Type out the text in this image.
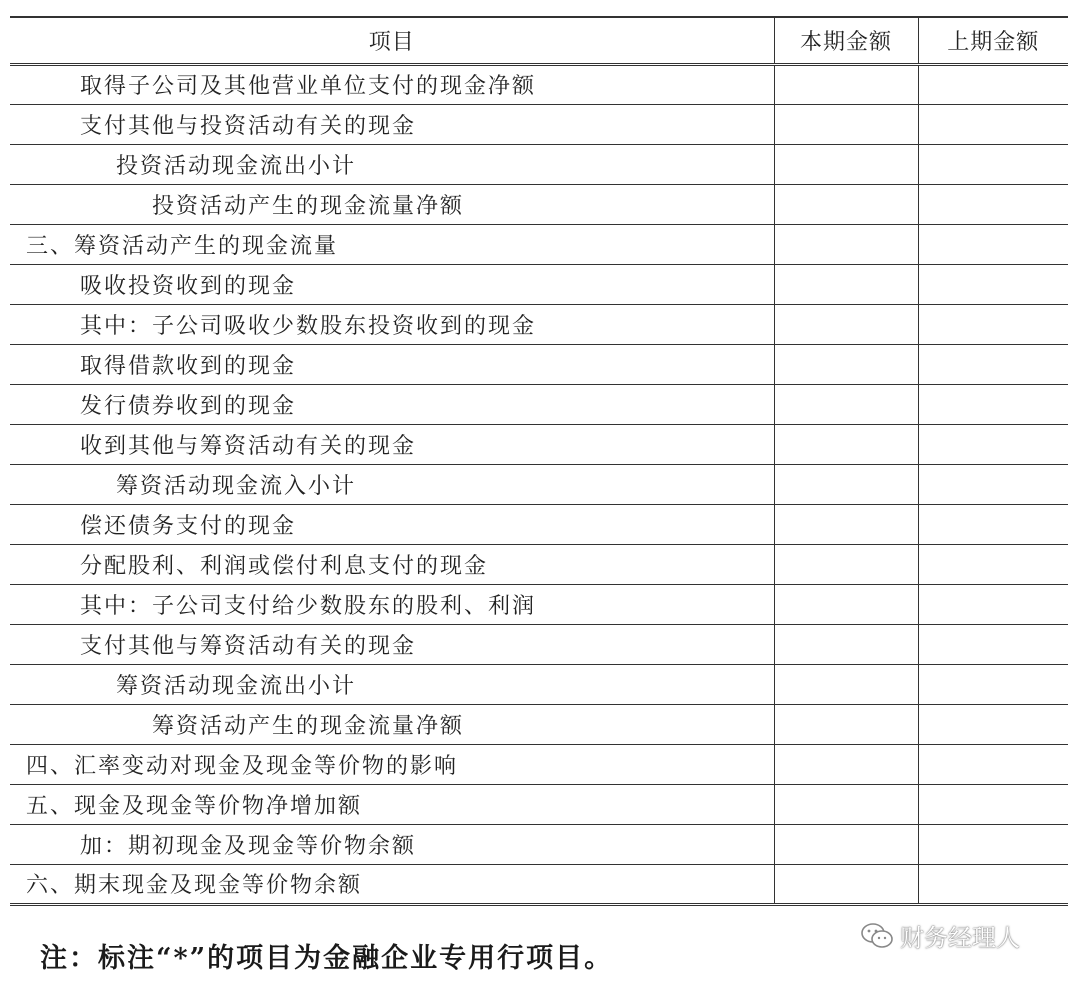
项目	本期金额	上期金额
取得子公司及其他营业单位支付的现金净额		
支付其他与投资活动有关的现金		
投资活动现金流出小计		
投资活动产生的现金流量净额		
三、筹资活动产生的现金流量		
吸收投资收到的现金		
其中：子公司吸收少数股东投资收到的现金		
取得借款收到的现金		
发行债券收到的现金		
收到其他与筹资活动有关的现金		
筹资活动现金流入小计		
偿还债务支付的现金		
分配股利、利润或偿付利息支付的现金		
其中：子公司支付给少数股东的股利、利润		
支付其他与筹资活动有关的现金		
筹资活动现金流出小计		
筹资活动产生的现金流量净额		
四、汇率变动对现金及现金等价物的影响		
五、现金及现金等价物净增加额		
加：期初现金及现金等价物余额		
六、期末现金及现金等价物余额		
注：标注“*”的项目为金融企业专用行项目。
财务经理人
